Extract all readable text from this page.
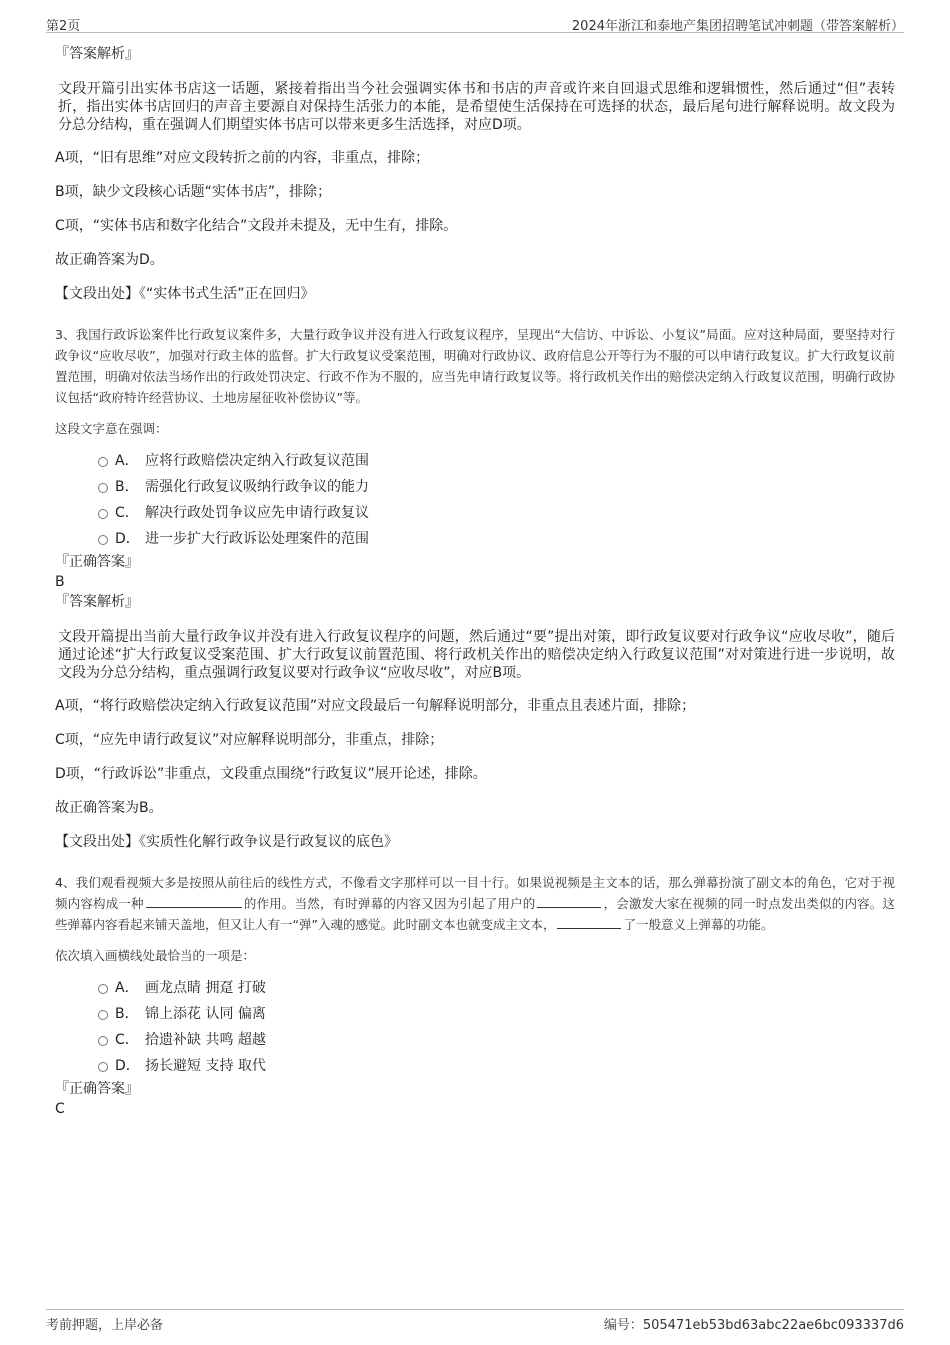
第2页	2024年浙江和泰地产集团招聘笔试冲刺题（带答案解析）

『答案解析』

文段开篇引出实体书店这一话题，紧接着指出当今社会强调实体书和书店的声音或许来自回退式思维和逻辑惯性，然后通过“但”表转折，指出实体书店回归的声音主要源自对保持生活张力的本能，是希望使生活保持在可选择的状态，最后尾句进行解释说明。故文段为分总分结构，重在强调人们期望实体书店可以带来更多生活选择，对应D项。

A项，“旧有思维”对应文段转折之前的内容，非重点，排除；

B项，缺少文段核心话题“实体书店”，排除；

C项，“实体书店和数字化结合”文段并未提及，无中生有，排除。

故正确答案为D。

【文段出处】《“实体书式生活”正在回归》

3、我国行政诉讼案件比行政复议案件多，大量行政争议并没有进入行政复议程序，呈现出“大信访、中诉讼、小复议”局面。应对这种局面，要坚持对行政争议“应收尽收”，加强对行政主体的监督。扩大行政复议受案范围，明确对行政协议、政府信息公开等行为不服的可以申请行政复议。扩大行政复议前置范围，明确对依法当场作出的行政处罚决定、行政不作为不服的，应当先申请行政复议等。将行政机关作出的赔偿决定纳入行政复议范围，明确行政协议包括“政府特许经营协议、土地房屋征收补偿协议”等。

这段文字意在强调：

A． 应将行政赔偿决定纳入行政复议范围
B． 需强化行政复议吸纳行政争议的能力
C． 解决行政处罚争议应先申请行政复议
D． 进一步扩大行政诉讼处理案件的范围

『正确答案』

B

『答案解析』

文段开篇提出当前大量行政争议并没有进入行政复议程序的问题，然后通过“要”提出对策，即行政复议要对行政争议“应收尽收”，随后通过论述“扩大行政复议受案范围、扩大行政复议前置范围、将行政机关作出的赔偿决定纳入行政复议范围”对对策进行进一步说明，故文段为分总分结构，重点强调行政复议要对行政争议“应收尽收”，对应B项。

A项，“将行政赔偿决定纳入行政复议范围”对应文段最后一句解释说明部分，非重点且表述片面，排除；

C项，“应先申请行政复议”对应解释说明部分，非重点，排除；

D项，“行政诉讼”非重点，文段重点围绕“行政复议”展开论述，排除。

故正确答案为B。

【文段出处】《实质性化解行政争议是行政复议的底色》

4、我们观看视频大多是按照从前往后的线性方式，不像看文字那样可以一目十行。如果说视频是主文本的话，那么弹幕扮演了副文本的角色，它对于视频内容构成一种	的作用。当然，有时弹幕的内容又因为引起了用户的	，会激发大家在视频的同一时点发出类似的内容。这些弹幕内容看起来铺天盖地，但又让人有一“弹”入魂的感觉。此时副文本也就变成主文本，	了一般意义上弹幕的功能。

依次填入画横线处最恰当的一项是：

A． 画龙点睛 拥趸 打破
B． 锦上添花 认同 偏离
C． 拾遗补缺 共鸣 超越
D． 扬长避短 支持 取代

『正确答案』

C

考前押题，上岸必备	编号：505471eb53bd63abc22ae6bc093337d6
